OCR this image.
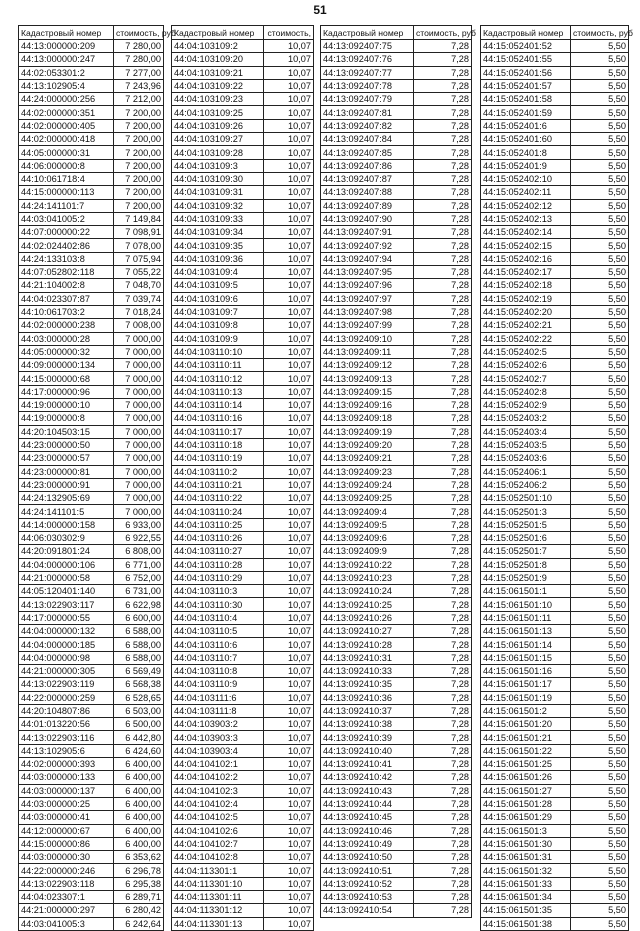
51
Кадастровый номер	стоимость, руб
44:13:000000:209	7 280,00
44:13:000000:247	7 280,00
44:02:053301:2	7 277,00
44:13:102905:4	7 243,96
44:24:000000:256	7 212,00
44:02:000000:351	7 200,00
44:02:000000:405	7 200,00
44:02:000000:418	7 200,00
44:05:000000:31	7 200,00
44:06:000000:8	7 200,00
44:10:061718:4	7 200,00
44:15:000000:113	7 200,00
44:24:141101:7	7 200,00
44:03:041005:2	7 149,84
44:07:000000:22	7 098,91
44:02:024402:86	7 078,00
44:24:133103:8	7 075,94
44:07:052802:118	7 055,22
44:21:104002:8	7 048,70
44:04:023307:87	7 039,74
44:10:061703:2	7 018,24
44:02:000000:238	7 008,00
44:03:000000:28	7 000,00
44:05:000000:32	7 000,00
44:09:000000:134	7 000,00
44:15:000000:68	7 000,00
44:17:000000:96	7 000,00
44:19:000000:10	7 000,00
44:19:000000:8	7 000,00
44:20:104503:15	7 000,00
44:23:000000:50	7 000,00
44:23:000000:57	7 000,00
44:23:000000:81	7 000,00
44:23:000000:91	7 000,00
44:24:132905:69	7 000,00
44:24:141101:5	7 000,00
44:14:000000:158	6 933,00
44:06:030302:9	6 922,55
44:20:091801:24	6 808,00
44:04:000000:106	6 771,00
44:21:000000:58	6 752,00
44:05:120401:140	6 731,00
44:13:022903:117	6 622,98
44:17:000000:55	6 600,00
44:04:000000:132	6 588,00
44:04:000000:185	6 588,00
44:04:000000:98	6 588,00
44:21:000000:305	6 569,49
44:13:022903:119	6 568,38
44:22:000000:259	6 528,65
44:20:104807:86	6 503,00
44:01:013220:56	6 500,00
44:13:022903:116	6 442,80
44:13:102905:6	6 424,60
44:02:000000:393	6 400,00
44:03:000000:133	6 400,00
44:03:000000:137	6 400,00
44:03:000000:25	6 400,00
44:03:000000:41	6 400,00
44:12:000000:67	6 400,00
44:15:000000:86	6 400,00
44:03:000000:30	6 353,62
44:22:000000:246	6 296,78
44:13:022903:118	6 295,38
44:04:023307:1	6 289,71
44:21:000000:297	6 280,42
44:03:041005:3	6 242,64
Кадастровый номер	стоимость,
44:04:103109:2	10,07
44:04:103109:20	10,07
44:04:103109:21	10,07
44:04:103109:22	10,07
44:04:103109:23	10,07
44:04:103109:25	10,07
44:04:103109:26	10,07
44:04:103109:27	10,07
44:04:103109:28	10,07
44:04:103109:3	10,07
44:04:103109:30	10,07
44:04:103109:31	10,07
44:04:103109:32	10,07
44:04:103109:33	10,07
44:04:103109:34	10,07
44:04:103109:35	10,07
44:04:103109:36	10,07
44:04:103109:4	10,07
44:04:103109:5	10,07
44:04:103109:6	10,07
44:04:103109:7	10,07
44:04:103109:8	10,07
44:04:103109:9	10,07
44:04:103110:10	10,07
44:04:103110:11	10,07
44:04:103110:12	10,07
44:04:103110:13	10,07
44:04:103110:14	10,07
44:04:103110:16	10,07
44:04:103110:17	10,07
44:04:103110:18	10,07
44:04:103110:19	10,07
44:04:103110:2	10,07
44:04:103110:21	10,07
44:04:103110:22	10,07
44:04:103110:24	10,07
44:04:103110:25	10,07
44:04:103110:26	10,07
44:04:103110:27	10,07
44:04:103110:28	10,07
44:04:103110:29	10,07
44:04:103110:3	10,07
44:04:103110:30	10,07
44:04:103110:4	10,07
44:04:103110:5	10,07
44:04:103110:6	10,07
44:04:103110:7	10,07
44:04:103110:8	10,07
44:04:103110:9	10,07
44:04:103111:6	10,07
44:04:103111:8	10,07
44:04:103903:2	10,07
44:04:103903:3	10,07
44:04:103903:4	10,07
44:04:104102:1	10,07
44:04:104102:2	10,07
44:04:104102:3	10,07
44:04:104102:4	10,07
44:04:104102:5	10,07
44:04:104102:6	10,07
44:04:104102:7	10,07
44:04:104102:8	10,07
44:04:113301:1	10,07
44:04:113301:10	10,07
44:04:113301:11	10,07
44:04:113301:12	10,07
44:04:113301:13	10,07
Кадастровый номер	стоимость, руб
44:13:092407:75	7,28
44:13:092407:76	7,28
44:13:092407:77	7,28
44:13:092407:78	7,28
44:13:092407:79	7,28
44:13:092407:81	7,28
44:13:092407:82	7,28
44:13:092407:84	7,28
44:13:092407:85	7,28
44:13:092407:86	7,28
44:13:092407:87	7,28
44:13:092407:88	7,28
44:13:092407:89	7,28
44:13:092407:90	7,28
44:13:092407:91	7,28
44:13:092407:92	7,28
44:13:092407:94	7,28
44:13:092407:95	7,28
44:13:092407:96	7,28
44:13:092407:97	7,28
44:13:092407:98	7,28
44:13:092407:99	7,28
44:13:092409:10	7,28
44:13:092409:11	7,28
44:13:092409:12	7,28
44:13:092409:13	7,28
44:13:092409:15	7,28
44:13:092409:16	7,28
44:13:092409:18	7,28
44:13:092409:19	7,28
44:13:092409:20	7,28
44:13:092409:21	7,28
44:13:092409:23	7,28
44:13:092409:24	7,28
44:13:092409:25	7,28
44:13:092409:4	7,28
44:13:092409:5	7,28
44:13:092409:6	7,28
44:13:092409:9	7,28
44:13:092410:22	7,28
44:13:092410:23	7,28
44:13:092410:24	7,28
44:13:092410:25	7,28
44:13:092410:26	7,28
44:13:092410:27	7,28
44:13:092410:28	7,28
44:13:092410:31	7,28
44:13:092410:33	7,28
44:13:092410:35	7,28
44:13:092410:36	7,28
44:13:092410:37	7,28
44:13:092410:38	7,28
44:13:092410:39	7,28
44:13:092410:40	7,28
44:13:092410:41	7,28
44:13:092410:42	7,28
44:13:092410:43	7,28
44:13:092410:44	7,28
44:13:092410:45	7,28
44:13:092410:46	7,28
44:13:092410:49	7,28
44:13:092410:50	7,28
44:13:092410:51	7,28
44:13:092410:52	7,28
44:13:092410:53	7,28
44:13:092410:54	7,28
Кадастровый номер	стоимость, руб
44:15:052401:52	5,50
44:15:052401:55	5,50
44:15:052401:56	5,50
44:15:052401:57	5,50
44:15:052401:58	5,50
44:15:052401:59	5,50
44:15:052401:6	5,50
44:15:052401:60	5,50
44:15:052401:8	5,50
44:15:052401:9	5,50
44:15:052402:10	5,50
44:15:052402:11	5,50
44:15:052402:12	5,50
44:15:052402:13	5,50
44:15:052402:14	5,50
44:15:052402:15	5,50
44:15:052402:16	5,50
44:15:052402:17	5,50
44:15:052402:18	5,50
44:15:052402:19	5,50
44:15:052402:20	5,50
44:15:052402:21	5,50
44:15:052402:22	5,50
44:15:052402:5	5,50
44:15:052402:6	5,50
44:15:052402:7	5,50
44:15:052402:8	5,50
44:15:052402:9	5,50
44:15:052403:2	5,50
44:15:052403:4	5,50
44:15:052403:5	5,50
44:15:052403:6	5,50
44:15:052406:1	5,50
44:15:052406:2	5,50
44:15:052501:10	5,50
44:15:052501:3	5,50
44:15:052501:5	5,50
44:15:052501:6	5,50
44:15:052501:7	5,50
44:15:052501:8	5,50
44:15:052501:9	5,50
44:15:061501:1	5,50
44:15:061501:10	5,50
44:15:061501:11	5,50
44:15:061501:13	5,50
44:15:061501:14	5,50
44:15:061501:15	5,50
44:15:061501:16	5,50
44:15:061501:17	5,50
44:15:061501:19	5,50
44:15:061501:2	5,50
44:15:061501:20	5,50
44:15:061501:21	5,50
44:15:061501:22	5,50
44:15:061501:25	5,50
44:15:061501:26	5,50
44:15:061501:27	5,50
44:15:061501:28	5,50
44:15:061501:29	5,50
44:15:061501:3	5,50
44:15:061501:30	5,50
44:15:061501:31	5,50
44:15:061501:32	5,50
44:15:061501:33	5,50
44:15:061501:34	5,50
44:15:061501:35	5,50
44:15:061501:38	5,50
